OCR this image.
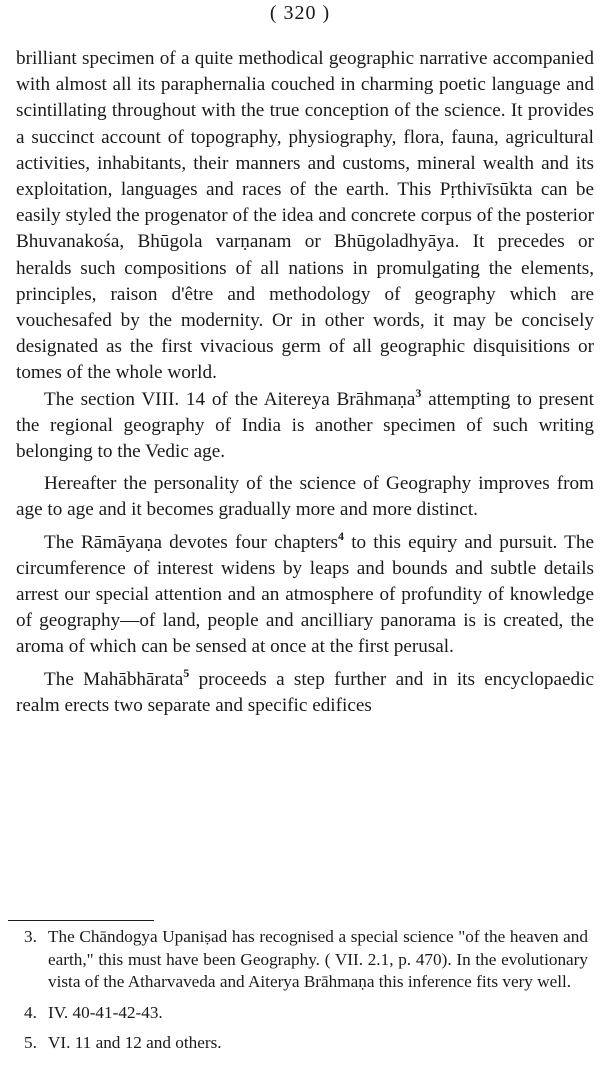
( 320 )

brilliant specimen of a quite methodical geographic narrative accompanied with almost all its paraphernalia couched in charming poetic language and scintillating throughout with the true conception of the science. It provides a succinct account of topography, physiography, flora, fauna, agricultural activities, inhabitants, their manners and customs, mineral wealth and its exploitation, languages and races of the earth. This Pṛthivīsūkta can be easily styled the progenator of the idea and concrete corpus of the posterior Bhuvanakośa, Bhūgola varṇanam or Bhūgoladhyāya. It precedes or heralds such compositions of all nations in promulgating the elements, principles, raison d'être and methodology of geography which are vouchesafed by the modernity. Or in other words, it may be concisely designated as the first vivacious germ of all geographic disquisitions or tomes of the whole world.

The section VIII. 14 of the Aitereya Brāhmaṇa$^3$ attempting to present the regional geography of India is another specimen of such writing belonging to the Vedic age.

Hereafter the personality of the science of Geography improves from age to age and it becomes gradually more and more distinct.

The Rāmāyaṇa devotes four chapters$^4$ to this equiry and pursuit. The circumference of interest widens by leaps and bounds and subtle details arrest our special attention and an atmosphere of profundity of knowledge of geography—of land, people and ancilliary panorama is is created, the aroma of which can be sensed at once at the first perusal.

The Mahābhārata$^5$ proceeds a step further and in its encyclopaedic realm erects two separate and specific edifices

3. The Chāndogya Upaniṣad has recognised a special science "of the heaven and earth," this must have been Geography. ( VII. 2.1, p. 470). In the evolutionary vista of the Atharvaveda and Aiterya Brāhmaṇa this inference fits very well.
4. IV. 40-41-42-43.
5. VI. 11 and 12 and others.
